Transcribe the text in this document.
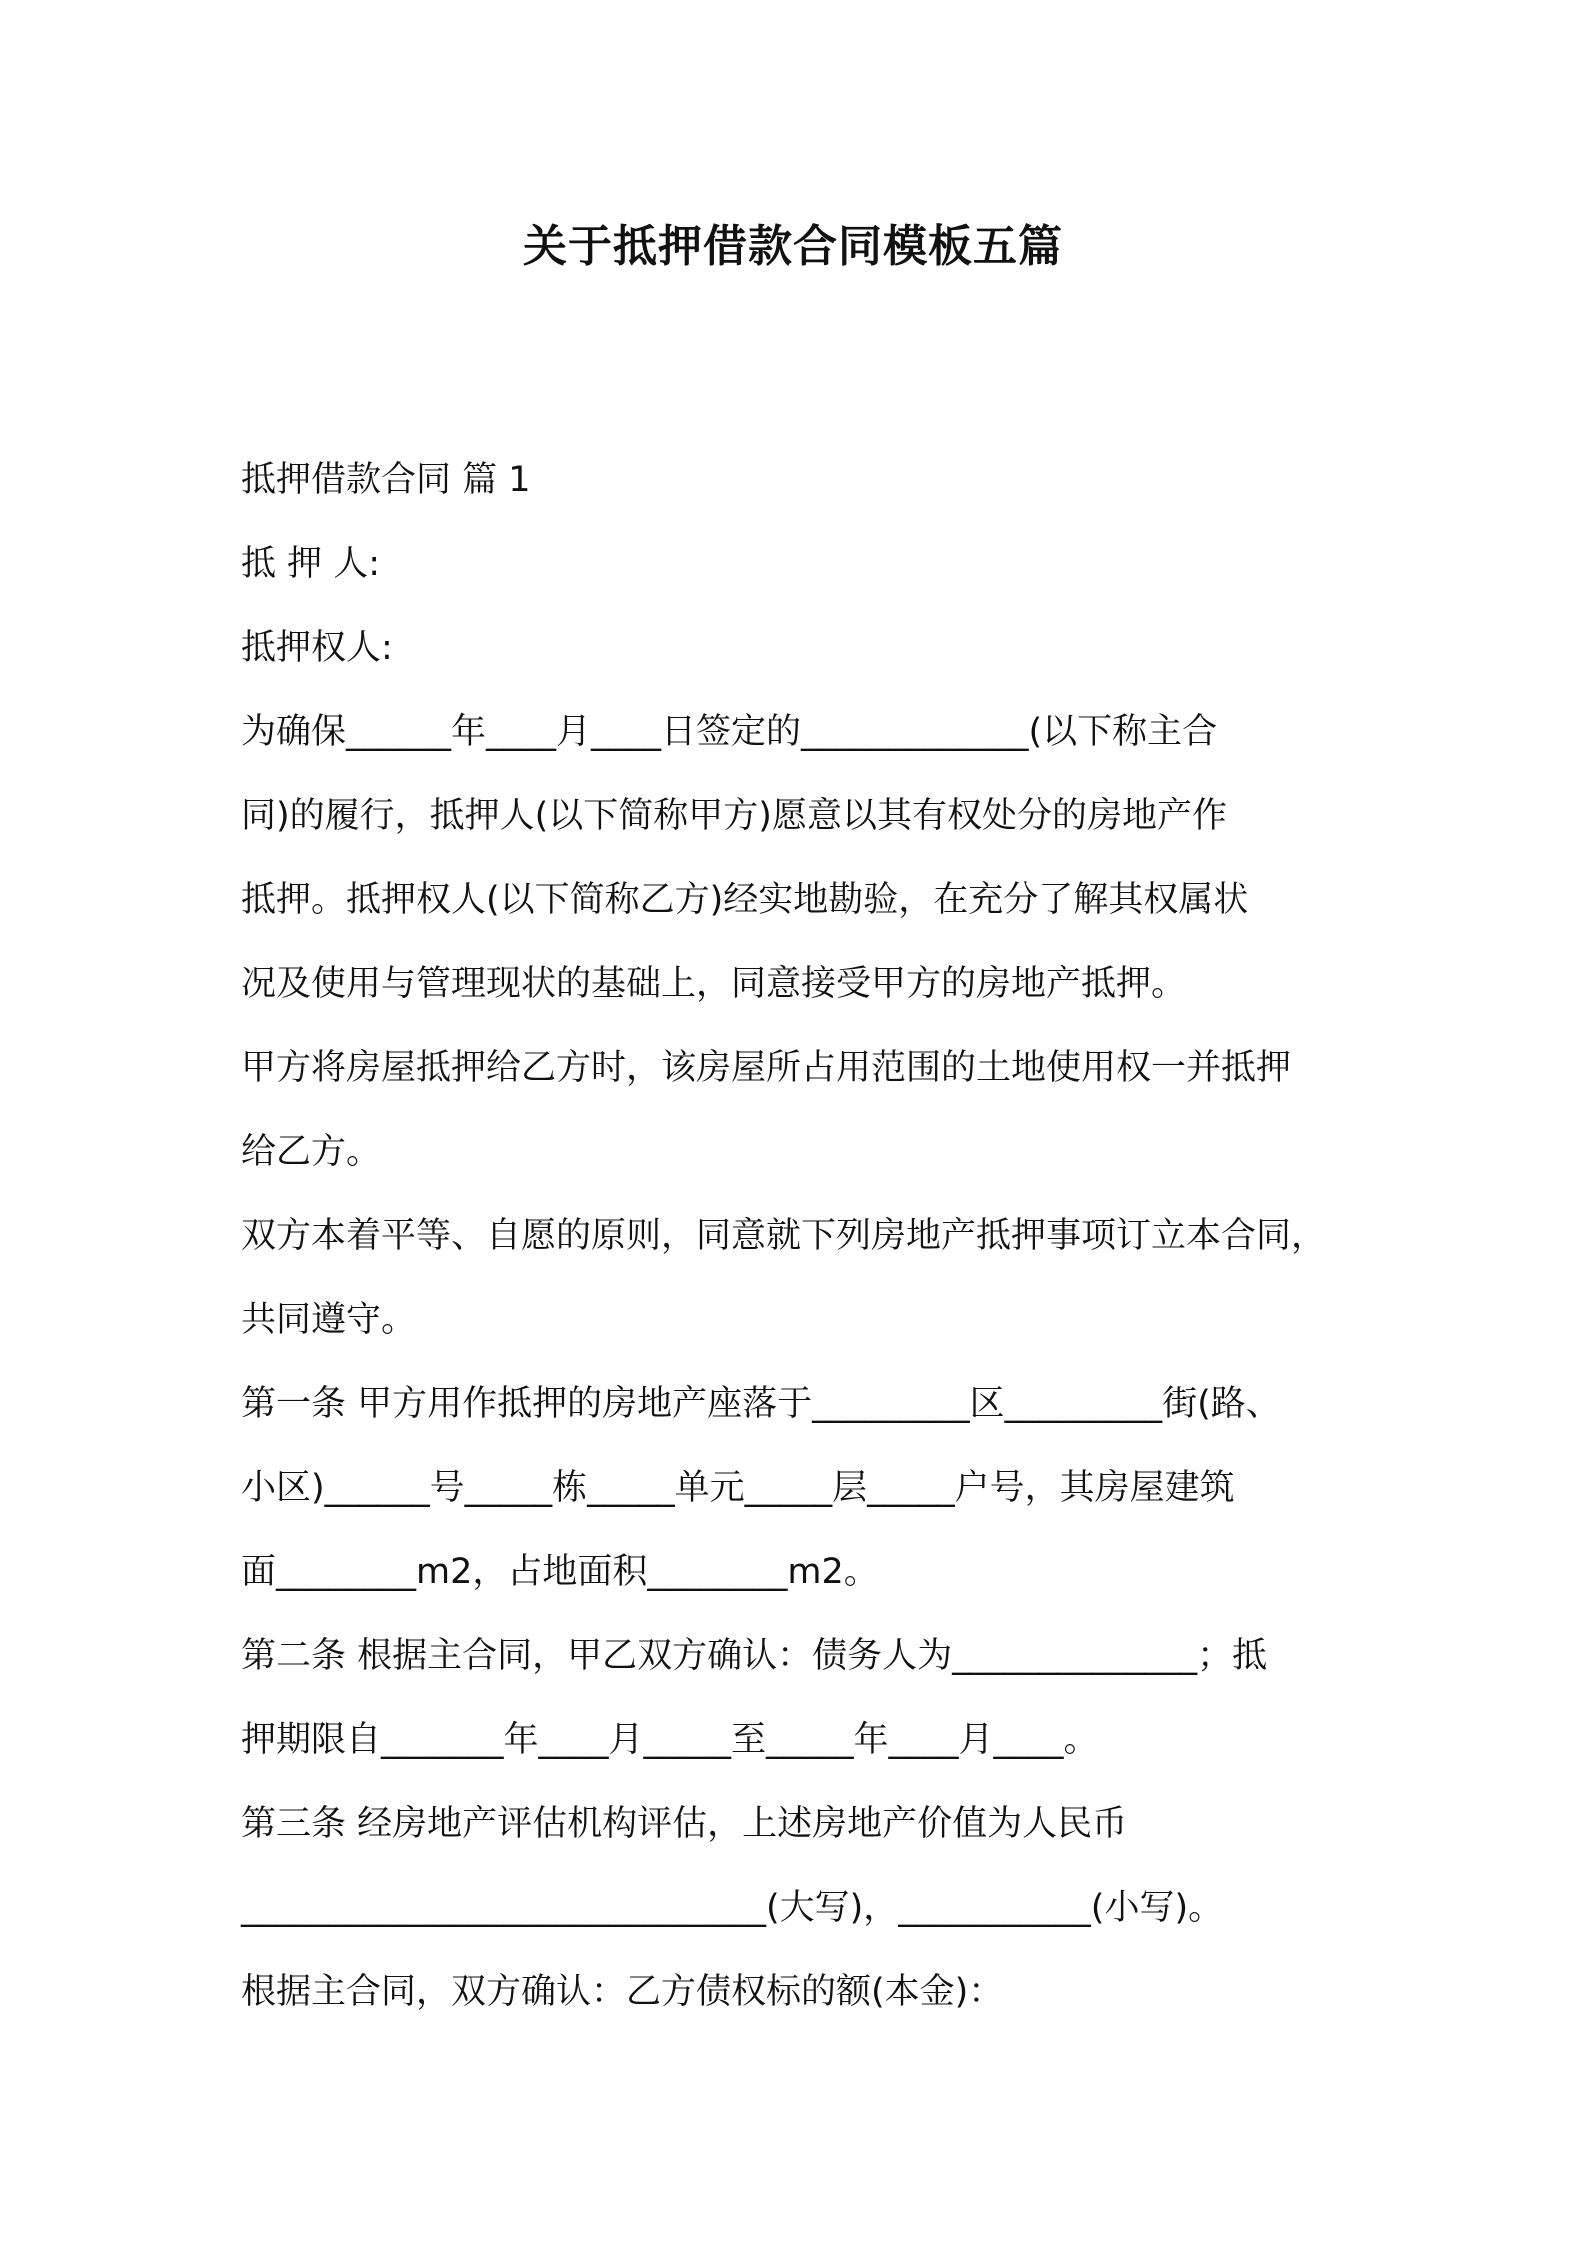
关于抵押借款合同模板五篇
抵押借款合同 篇 1
抵 押 人:
抵押权人:
为确保______年____月____日签定的_____________(以下称主合
同)的履行，抵押人(以下简称甲方)愿意以其有权处分的房地产作
抵押。抵押权人(以下简称乙方)经实地勘验，在充分了解其权属状
况及使用与管理现状的基础上，同意接受甲方的房地产抵押。
甲方将房屋抵押给乙方时，该房屋所占用范围的土地使用权一并抵押
给乙方。
双方本着平等、自愿的原则，同意就下列房地产抵押事项订立本合同，
共同遵守。
第一条 甲方用作抵押的房地产座落于_________区_________街(路、
小区)______号_____栋_____单元_____层_____户号，其房屋建筑
面________m2，占地面积________m2。
第二条 根据主合同，甲乙双方确认：债务人为______________；抵
押期限自_______年____月_____至_____年____月____。
第三条 经房地产评估机构评估，上述房地产价值为人民币
______________________________(大写)，___________(小写)。
根据主合同，双方确认：乙方债权标的额(本金)：
